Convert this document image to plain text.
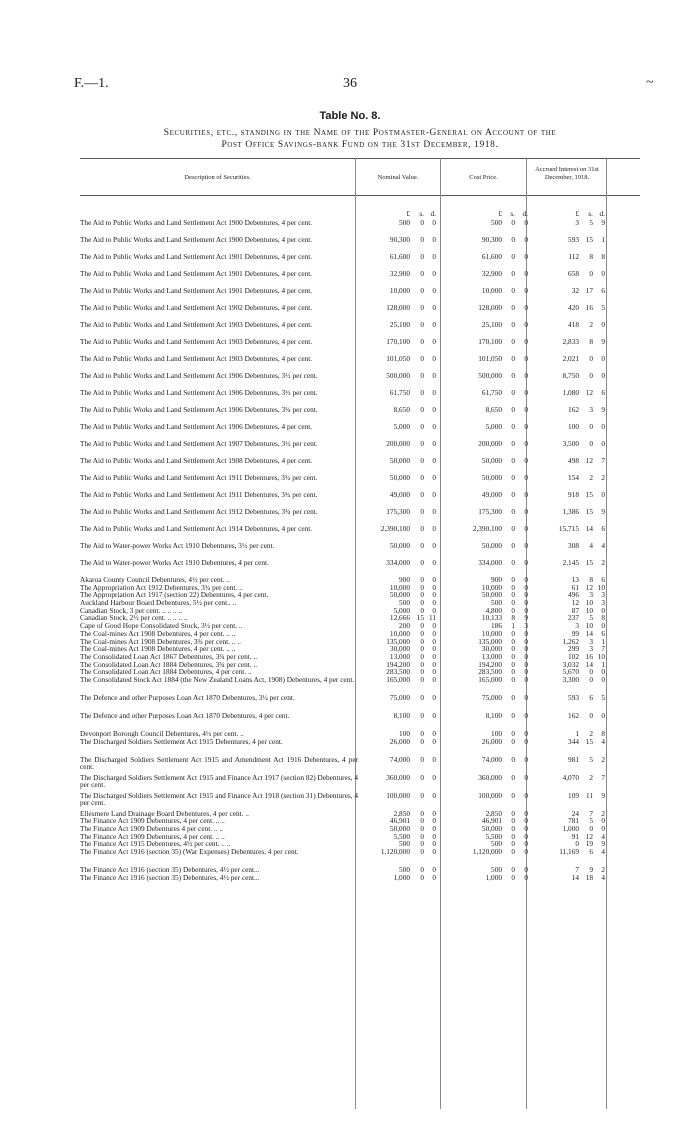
F.—1.	36	~
Table No. 8.
Securities, etc., standing in the Name of the Postmaster-General on Account of the
Post Office Savings-bank Fund on the 31st December, 1918.
Description of Securities.	Nominal Value.	Cost Price.
Accrued Interest on 31st December, 1918.
£	s. d.	£	s.	d.	£	s. d.
The Aid to Public Works and Land Settlement Act 1900 Debentures, 4 per cent.	500	0	0	500	0	0	3	5	9
The Aid to Public Works and Land Settlement Act 1900 Debentures, 4 per cent.	90,300	0	0	90,300	0	0	593 15	1
The Aid to Public Works and Land Settlement Act 1901 Debentures, 4 per cent.	61,600	0	0	61,600	0	0	112	8	8
The Aid to Public Works and Land Settlement Act 1901 Debentures, 4 per cent.	32,900	0	0	32,900	0	0	658	0	0
The Aid to Public Works and Land Settlement Act 1901 Debentures, 4 per cent.	10,000	0	0	10,000	0	0	32 17	6
The Aid to Public Works and Land Settlement Act 1902 Debentures, 4 per cent.	128,000	0	0	128,000	0	0	420 16	5
The Aid to Public Works and Land Settlement Act 1903 Debentures, 4 per cent.	25,100	0	0	25,100	0	0	418	2	0
The Aid to Public Works and Land Settlement Act 1903 Debentures, 4 per cent.	170,100	0	0	170,100	0	0	2,833	8	9
The Aid to Public Works and Land Settlement Act 1903 Debentures, 4 per cent.	101,050	0	0	101,050	0	0	2,021	0	0
The Aid to Public Works and Land Settlement Act 1906 Debentures, 3½ per cent.	500,000	0	0	500,000	0	0	8,750	0	0
The Aid to Public Works and Land Settlement Act 1906 Debentures, 3½ per cent.	61,750	0	0	61,750	0	0	1,080 12	6
The Aid to Public Works and Land Settlement Act 1906 Debentures, 3¾ per cent.	8,650	0	0	8,650	0	0	162	3	9
The Aid to Public Works and Land Settlement Act 1906 Debentures, 4 per cent.	5,000	0	0	5,000	0	0	100	0	0
The Aid to Public Works and Land Settlement Act 1907 Debentures, 3½ per cent.	200,000	0	0	200,000	0	0	3,500	0	0
The Aid to Public Works and Land Settlement Act 1908 Debentures, 4 per cent.	50,000	0	0	50,000	0	0	498 12	7
The Aid to Public Works and Land Settlement Act 1911 Debentures, 3¾ per cent.	50,000	0	0	50,000	0	0	154	2	2
The Aid to Public Works and Land Settlement Act 1911 Debentures, 3¾ per cent.	49,000	0	0	49,000	0	0	918 15	0
The Aid to Public Works and Land Settlement Act 1912 Debentures, 3¾ per cent.	175,300	0	0	175,300	0	0	1,386 15	9
The Aid to Public Works and Land Settlement Act 1914 Debentures, 4 per cent.	2,390,100	0	0	2,390,100	0	0	15,715 14	6
The Aid to Water-power Works Act 1910 Debentures, 3½ per cent.	50,000	0	0	50,000	0	0	308	4	4
The Aid to Water-power Works Act 1910 Debentures, 4 per cent.	334,000	0	0	334,000	0	0	2,145 15	2
Akaroa County Council Debentures, 4½ per cent. ..	900	0	0	900	0	0	13	8	6
The Appropriation Act 1912 Debentures, 3¾ per cent. ..	10,000	0	0	10,000	0	0	61 12 10
The Appropriation Act 1917 (section 22) Debentures, 4 per cent.	50,000	0	0	50,000	0	0	496	3	3
Auckland Harbour Board Debentures, 5½ per cent.. ..	500	0	0	500	0	0	12 10	3
Canadian Stock, 3 per cent. .. .. .. ..	5,000	0	0	4,800	0	0	87 10	0
Canadian Stock, 2½ per cent. .. .. .. ..	12,666 15 11	10,133	8	9	237	5	8
Cape of Good Hope Consolidated Stock, 3½ per cent. ..	200	0	0	186	1	3	3 10	0
The Coal-mines Act 1908 Debentures, 4 per cent. .. ..	10,000	0	0	10,000	0	0	99 14	6
The Coal-mines Act 1908 Debentures, 3¾ per cent. .. ..	135,000	0	0	135,000	0	0	1,262	3	1
The Coal-mines Act 1908 Debentures, 4 per cent. .. ..	30,000	0	0	30,000	0	0	299	3	7
The Consolidated Loan Act 1867 Debentures, 3¾ per cent. ..	13,000	0	0	13,000	0	0	102 16 10
The Consolidated Loan Act 1884 Debentures, 3¾ per cent. ..	194,200	0	0	194,200	0	0	3,032 14	1
The Consolidated Loan Act 1884 Debentures, 4 per cent. ..	283,500	0	0	283,500	0	0	5,670	0	0
The Consolidated Stock Act 1884 (the New Zealand Loans Act, 1908) Debentures, 4 per cent.	165,000	0	0	165,000	0	0	3,300	0	0
The Defence and other Purposes Loan Act 1870 Debentures, 3½ per cent.	75,000	0	0	75,000	0	0	593	6	5
The Defence and other Purposes Loan Act 1870 Debentures, 4 per cent.	8,100	0	0	8,100	0	0	162	0	0
Devonport Borough Council Debentures, 4½ per cent. ..	100	0	0	100	0	0	1	2	8
The Discharged Soldiers Settlement Act 1915 Debentures, 4 per cent.	26,000	0	0	26,000	0	0	344 15	4
The Discharged Soldiers Settlement Act 1915 and Amendment Act 1916 Debentures, 4 per cent.
74,000	0	0	74,000	0	0	981	5	2
The Discharged Soldiers Settlement Act 1915 and Finance Act 1917 (section 82) Debentures, 4 per cent.
360,000	0	0	360,000	0	0	4,070	2	7
The Discharged Soldiers Settlement Act 1915 and Finance Act 1918 (section 31) Debentures, 4 per cent.
100,000	0	0	100,000	0	0	109 11	9
Ellesmere Land Drainage Board Debentures, 4 per cent. ..	2,850	0	0	2,850	0	0	24	7	2
The Finance Act 1909 Debentures, 4 per cent. .. ..	46,901	0	0	46,901	0	0	781	5	0
The Finance Act 1909 Debentures 4 per cent. .. ..	50,000	0	0	50,000	0	0	1,000	0	0
The Finance Act 1909 Debentures, 4 per cent. .. ..	5,500	0	0	5,500	0	0	91 12	4
The Finance Act 1915 Debentures, 4½ per cent. .. ..	500	0	0	500	0	0	0 19	9
The Finance Act 1916 (section 35) (War Expenses) Debentures, 4 per cent.	1,120,000	0	0	1,120,000	0	0	11,169	6	4
The Finance Act 1916 (section 35) Debentures, 4½ per cent...	500	0	0	500	0	0	7	9	2
The Finance Act 1916 (section 35) Debentures, 4½ per cent...	1,000	0	0	1,000	0	0	14 18	4
